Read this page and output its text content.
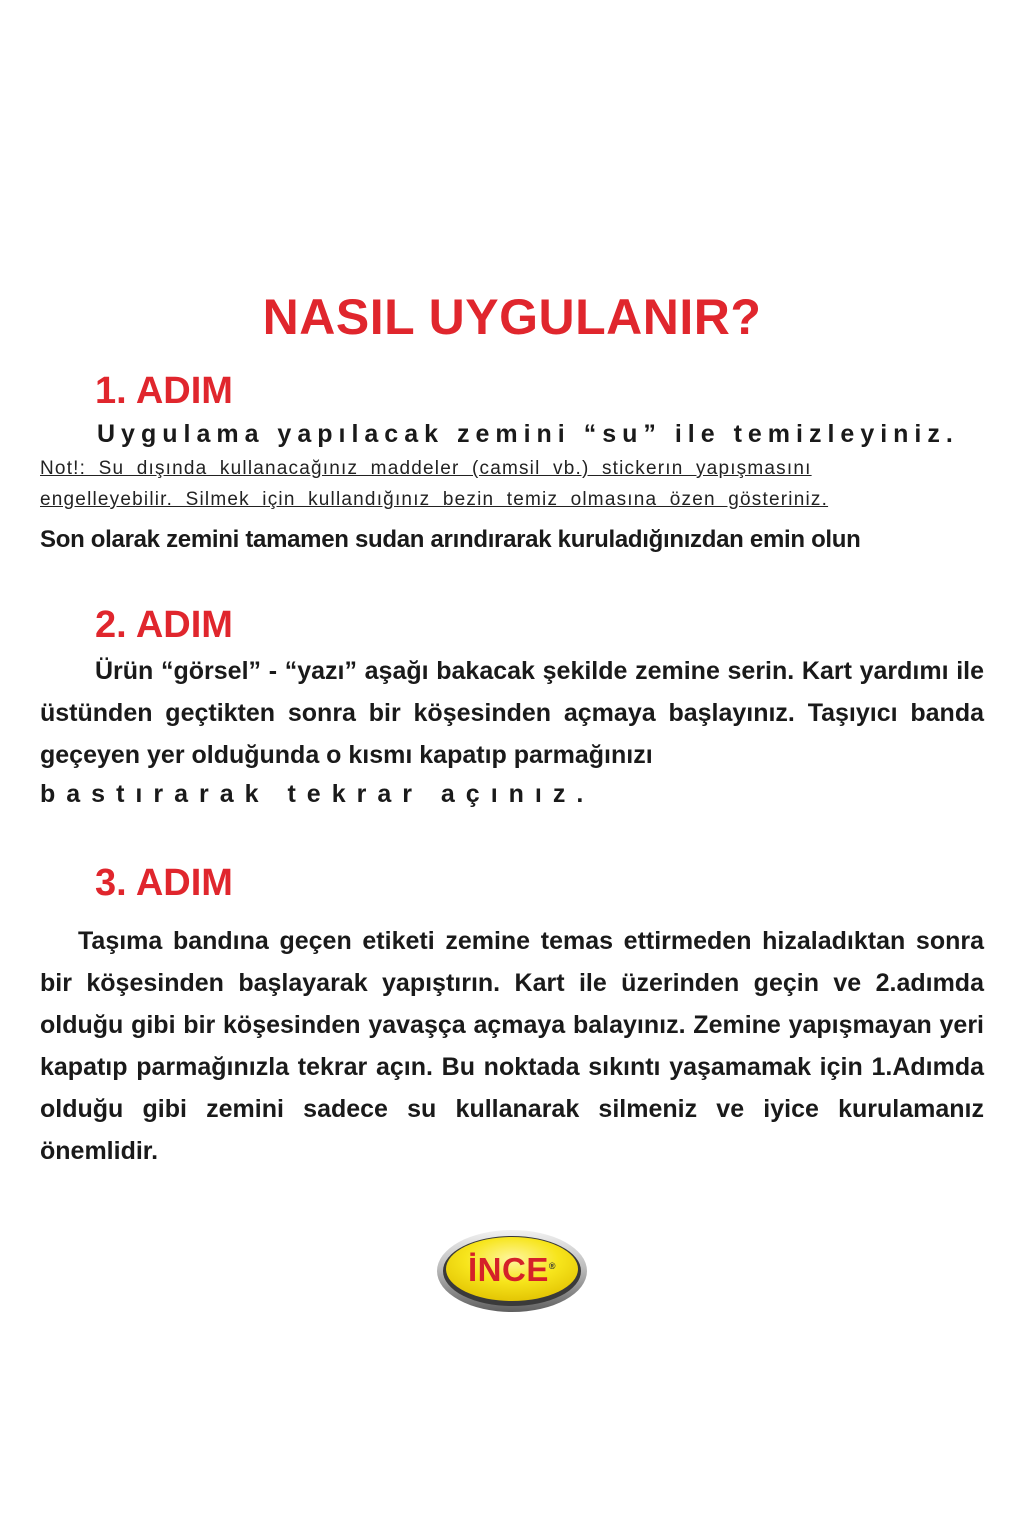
NASIL UYGULANIR?
1. ADIM

Uygulama yapılacak zemini “su” ile temizleyiniz.

Not!: Su dışında kullanacağınız maddeler (camsil vb.) stickerın yapışmasını

engelleyebilir. Silmek için kullandığınız bezin temiz olmasına özen gösteriniz.

Son olarak zemini tamamen sudan arındırarak kuruladığınızdan emin olun

2. ADIM

Ürün “görsel” - “yazı” aşağı bakacak şekilde zemine serin. Kart yardımı ile üstünden geçtikten sonra bir köşesinden açmaya başlayınız. Taşıyıcı banda geçeyen yer olduğunda o kısmı kapatıp parmağınızı

bastırarak tekrar açınız.

3. ADIM

Taşıma bandına geçen etiketi zemine temas ettirmeden hizaladıktan sonra bir köşesinden başlayarak yapıştırın. Kart ile üzerinden geçin ve 2.adımda olduğu gibi bir köşesinden yavaşça açmaya balayınız. Zemine yapışmayan yeri kapatıp parmağınızla tekrar açın. Bu noktada sıkıntı yaşamamak için 1.Adımda olduğu gibi zemini sadece su kullanarak silmeniz ve iyice kurulamanız önemlidir.

İNCE®
